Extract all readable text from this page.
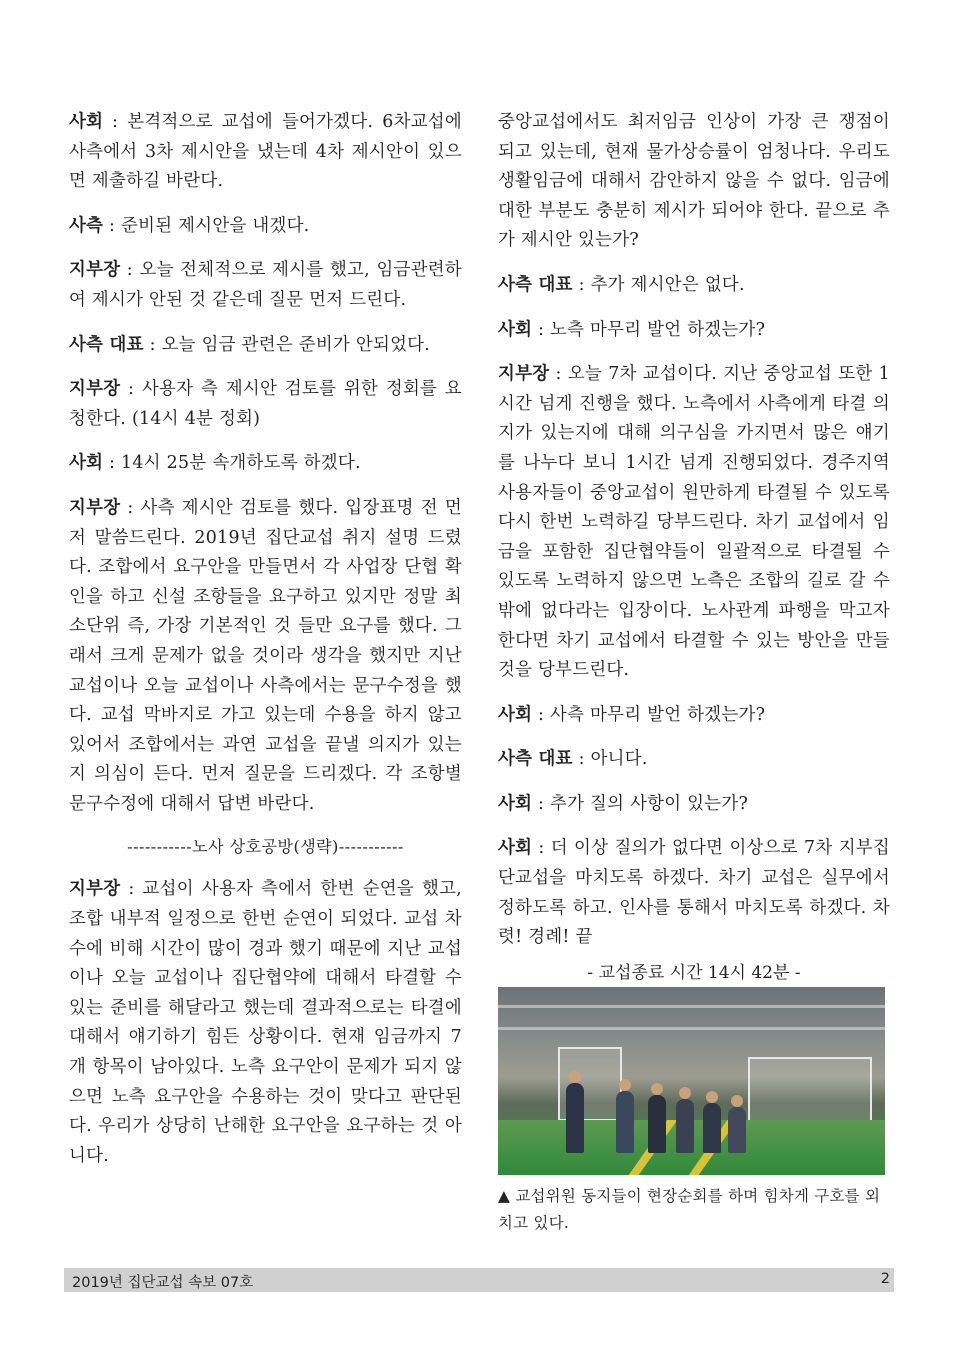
사회 : 본격적으로 교섭에 들어가겠다. 6차교섭에 사측에서 3차 제시안을 냈는데 4차 제시안이 있으면 제출하길 바란다.

사측 : 준비된 제시안을 내겠다.

지부장 : 오늘 전체적으로 제시를 했고, 임금관련하여 제시가 안된 것 같은데 질문 먼저 드린다.

사측 대표 : 오늘 임금 관련은 준비가 안되었다.

지부장 : 사용자 측 제시안 검토를 위한 정회를 요청한다. (14시 4분 정회)

사회 : 14시 25분 속개하도록 하겠다.

지부장 : 사측 제시안 검토를 했다. 입장표명 전 먼저 말씀드린다. 2019년 집단교섭 취지 설명 드렸다. 조합에서 요구안을 만들면서 각 사업장 단협 확인을 하고 신설 조항들을 요구하고 있지만 정말 최소단위 즉, 가장 기본적인 것 들만 요구를 했다. 그래서 크게 문제가 없을 것이라 생각을 했지만 지난 교섭이나 오늘 교섭이나 사측에서는 문구수정을 했다. 교섭 막바지로 가고 있는데 수용을 하지 않고 있어서 조합에서는 과연 교섭을 끝낼 의지가 있는지 의심이 든다. 먼저 질문을 드리겠다. 각 조항별 문구수정에 대해서 답변 바란다.

-----------노사 상호공방(생략)-----------

지부장 : 교섭이 사용자 측에서 한번 순연을 했고, 조합 내부적 일정으로 한번 순연이 되었다. 교섭 차수에 비해 시간이 많이 경과 했기 때문에 지난 교섭이나 오늘 교섭이나 집단협약에 대해서 타결할 수 있는 준비를 해달라고 했는데 결과적으로는 타결에 대해서 얘기하기 힘든 상황이다. 현재 임금까지 7개 항목이 남아있다. 노측 요구안이 문제가 되지 않으면 노측 요구안을 수용하는 것이 맞다고 판단된다. 우리가 상당히 난해한 요구안을 요구하는 것 아니다.

중앙교섭에서도 최저임금 인상이 가장 큰 쟁점이 되고 있는데, 현재 물가상승률이 엄청나다. 우리도 생활임금에 대해서 감안하지 않을 수 없다. 임금에 대한 부분도 충분히 제시가 되어야 한다. 끝으로 추가 제시안 있는가?

사측 대표 : 추가 제시안은 없다.

사회 : 노측 마무리 발언 하겠는가?

지부장 : 오늘 7차 교섭이다. 지난 중앙교섭 또한 1시간 넘게 진행을 했다. 노측에서 사측에게 타결 의지가 있는지에 대해 의구심을 가지면서 많은 얘기를 나누다 보니 1시간 넘게 진행되었다. 경주지역 사용자들이 중앙교섭이 원만하게 타결될 수 있도록 다시 한번 노력하길 당부드린다. 차기 교섭에서 임금을 포함한 집단협약들이 일괄적으로 타결될 수 있도록 노력하지 않으면 노측은 조합의 길로 갈 수밖에 없다라는 입장이다. 노사관계 파행을 막고자 한다면 차기 교섭에서 타결할 수 있는 방안을 만들 것을 당부드린다.

사회 : 사측 마무리 발언 하겠는가?

사측 대표 : 아니다.

사회 : 추가 질의 사항이 있는가?

사회 : 더 이상 질의가 없다면 이상으로 7차 지부집단교섭을 마치도록 하겠다. 차기 교섭은 실무에서 정하도록 하고. 인사를 통해서 마치도록 하겠다. 차렷! 경례! 끝

- 교섭종료 시간 14시 42분 -
▲ 교섭위원 동지들이 현장순회를 하며 힘차게 구호를 외치고 있다.
2019년 집단교섭 속보 07호	2
